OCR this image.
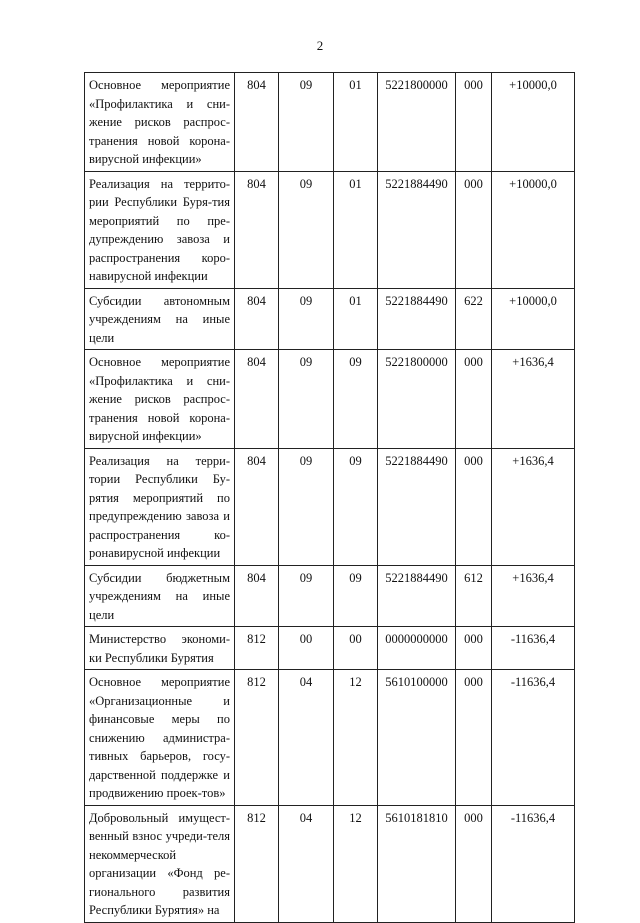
2
Основное мероприятие «Профилактика и сни-жение рисков распрос-транения новой корона-вирусной инфекции»	804	09	01	5221800000	000	+10000,0
Реализация на террито-рии Республики Буря-тия мероприятий по пре-дупреждению завоза и распространения коро-навирусной инфекции	804	09	01	5221884490	000	+10000,0
Субсидии автономным учреждениям на иные цели	804	09	01	5221884490	622	+10000,0
Основное мероприятие «Профилактика и сни-жение рисков распрос-транения новой корона-вирусной инфекции»	804	09	09	5221800000	000	+1636,4
Реализация на терри-тории Республики Бу-рятия мероприятий по предупреждению завоза и распространения ко-ронавирусной инфекции	804	09	09	5221884490	000	+1636,4
Субсидии бюджетным учреждениям на иные цели	804	09	09	5221884490	612	+1636,4
Министерство экономи-ки Республики Бурятия	812	00	00	0000000000	000	-11636,4
Основное мероприятие «Организационные и финансовые меры по снижению администра-тивных барьеров, госу-дарственной поддержке и продвижению проек-тов»	812	04	12	5610100000	000	-11636,4
Добровольный имущест-венный взнос учреди-теля некоммерческой организации «Фонд ре-гионального развития Республики Бурятия» на	812	04	12	5610181810	000	-11636,4
